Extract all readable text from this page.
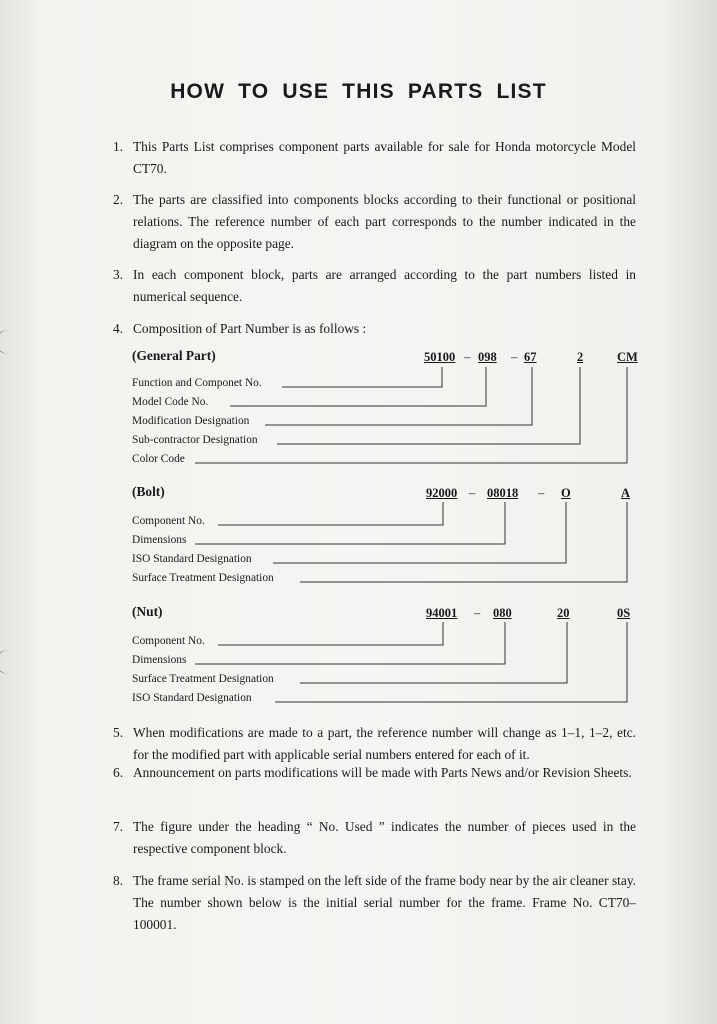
HOW TO USE THIS PARTS LIST
1. This Parts List comprises component parts available for sale for Honda motorcycle Model CT70.
2. The parts are classified into components blocks according to their functional or positional relations. The reference number of each part corresponds to the number indicated in the diagram on the opposite page.
3. In each component block, parts are arranged according to the part numbers listed in numerical sequence.
4. Composition of Part Number is as follows :
(General Part)	50100 – 098 – 67	2	CM
Function and Componet No.
Model Code No.
Modification Designation
Sub-contractor Designation
Color Code
(Bolt)	92000 – 08018 – O	A
Component No.
Dimensions
ISO Standard Designation
Surface Treatment Designation
(Nut)	94001 – 080	20	0S
Component No.
Dimensions
Surface Treatment Designation
ISO Standard Designation
5. When modifications are made to a part, the reference number will change as 1–1, 1–2, etc. for the modified part with applicable serial numbers entered for each of it.
6. Announcement on parts modifications will be made with Parts News and/or Revision Sheets.
7. The figure under the heading “ No. Used ” indicates the number of pieces used in the respective component block.
8. The frame serial No. is stamped on the left side of the frame body near by the air cleaner stay. The number shown below is the initial serial number for the frame. Frame No. CT70–100001.
